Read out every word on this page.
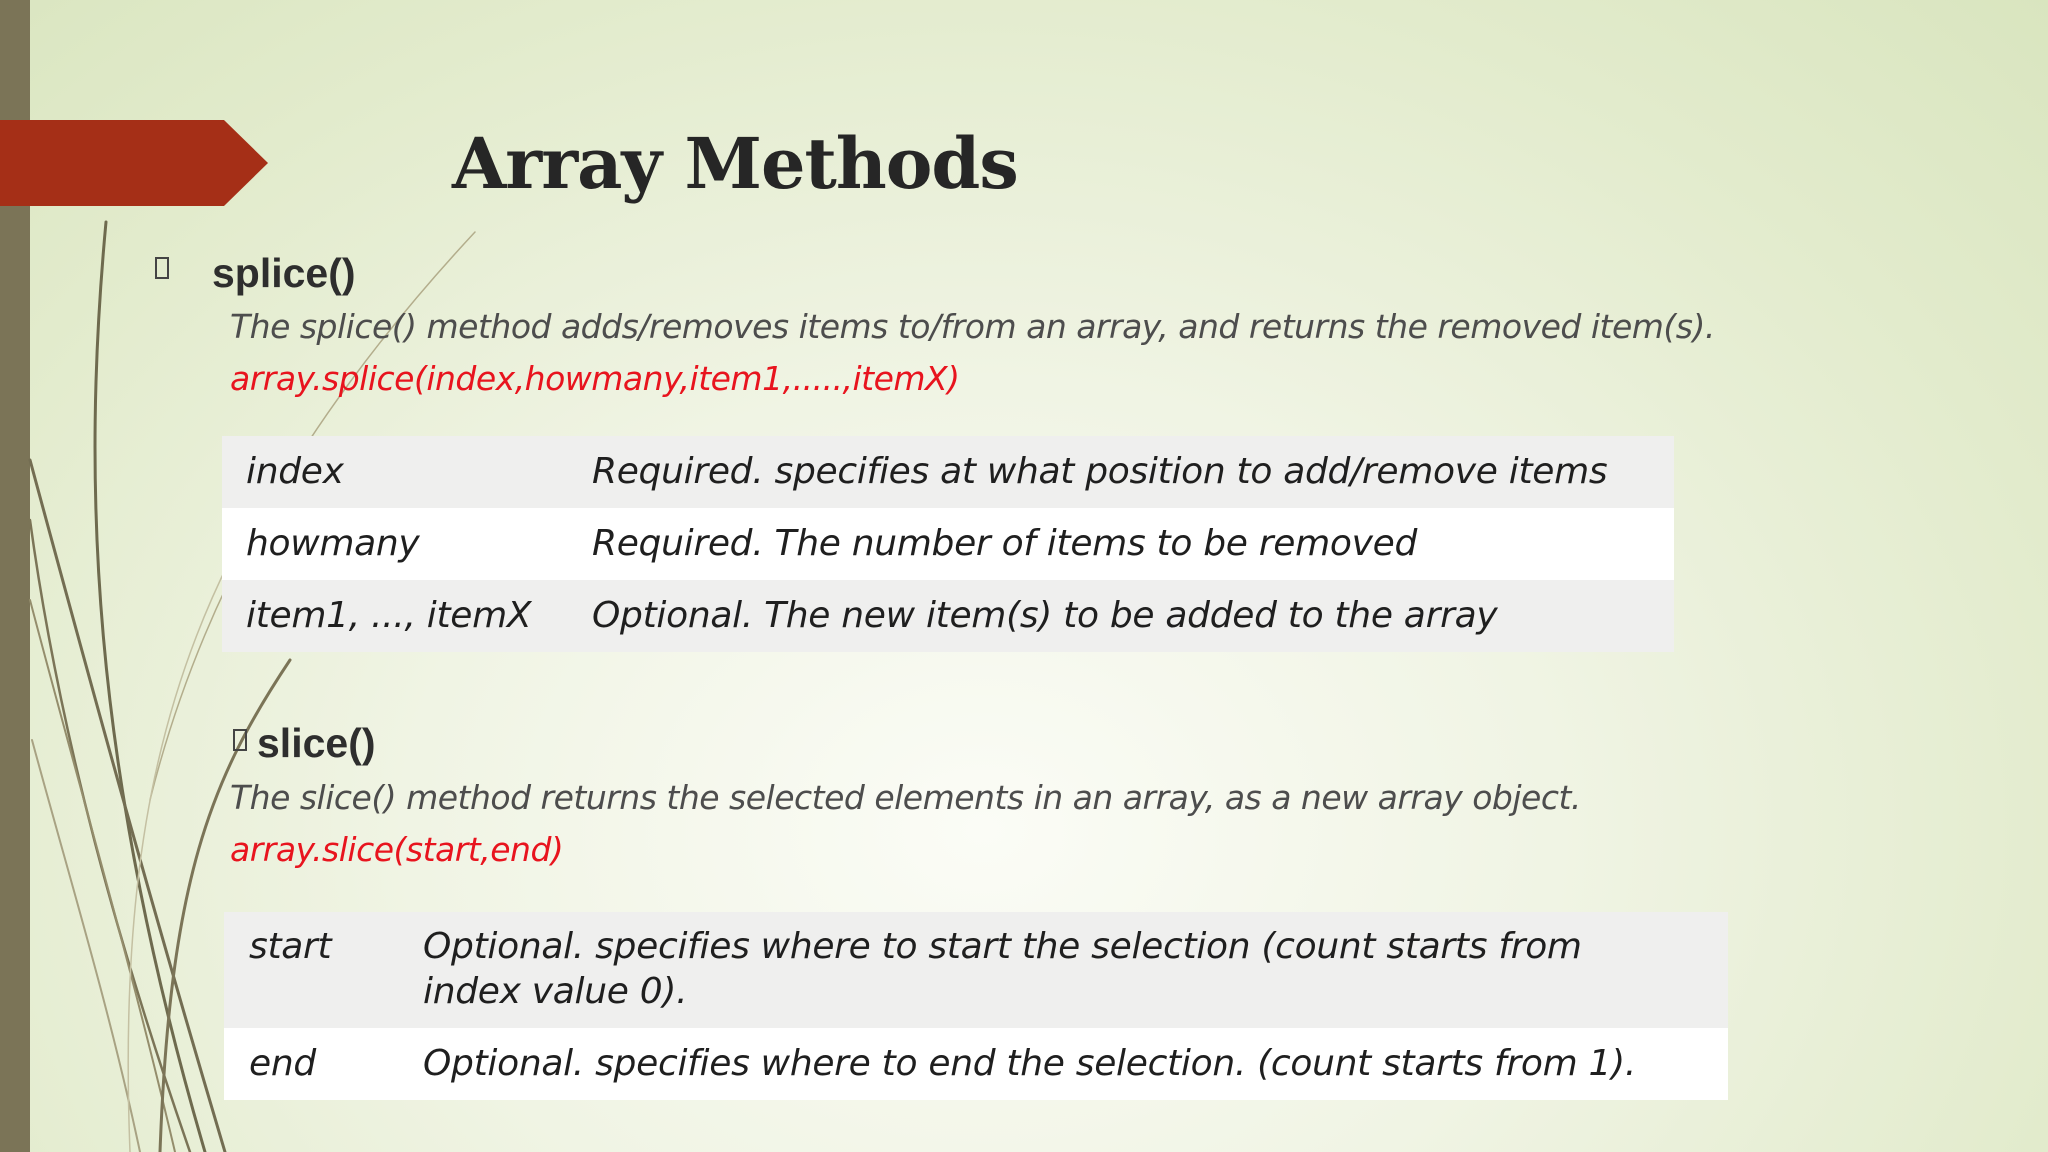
Array Methods
splice()
The splice() method adds/removes items to/from an array, and returns the removed item(s).
array.splice(index,howmany,item1,.....,itemX)
index	Required. specifies at what position to add/remove items
howmany	Required. The number of items to be removed
item1, ..., itemX	Optional. The new item(s) to be added to the array
slice()
The slice() method returns the selected elements in an array, as a new array object.
array.slice(start,end)
start	Optional. specifies where to start the selection (count starts from index value 0).
end	Optional. specifies where to end the selection. (count starts from 1).
